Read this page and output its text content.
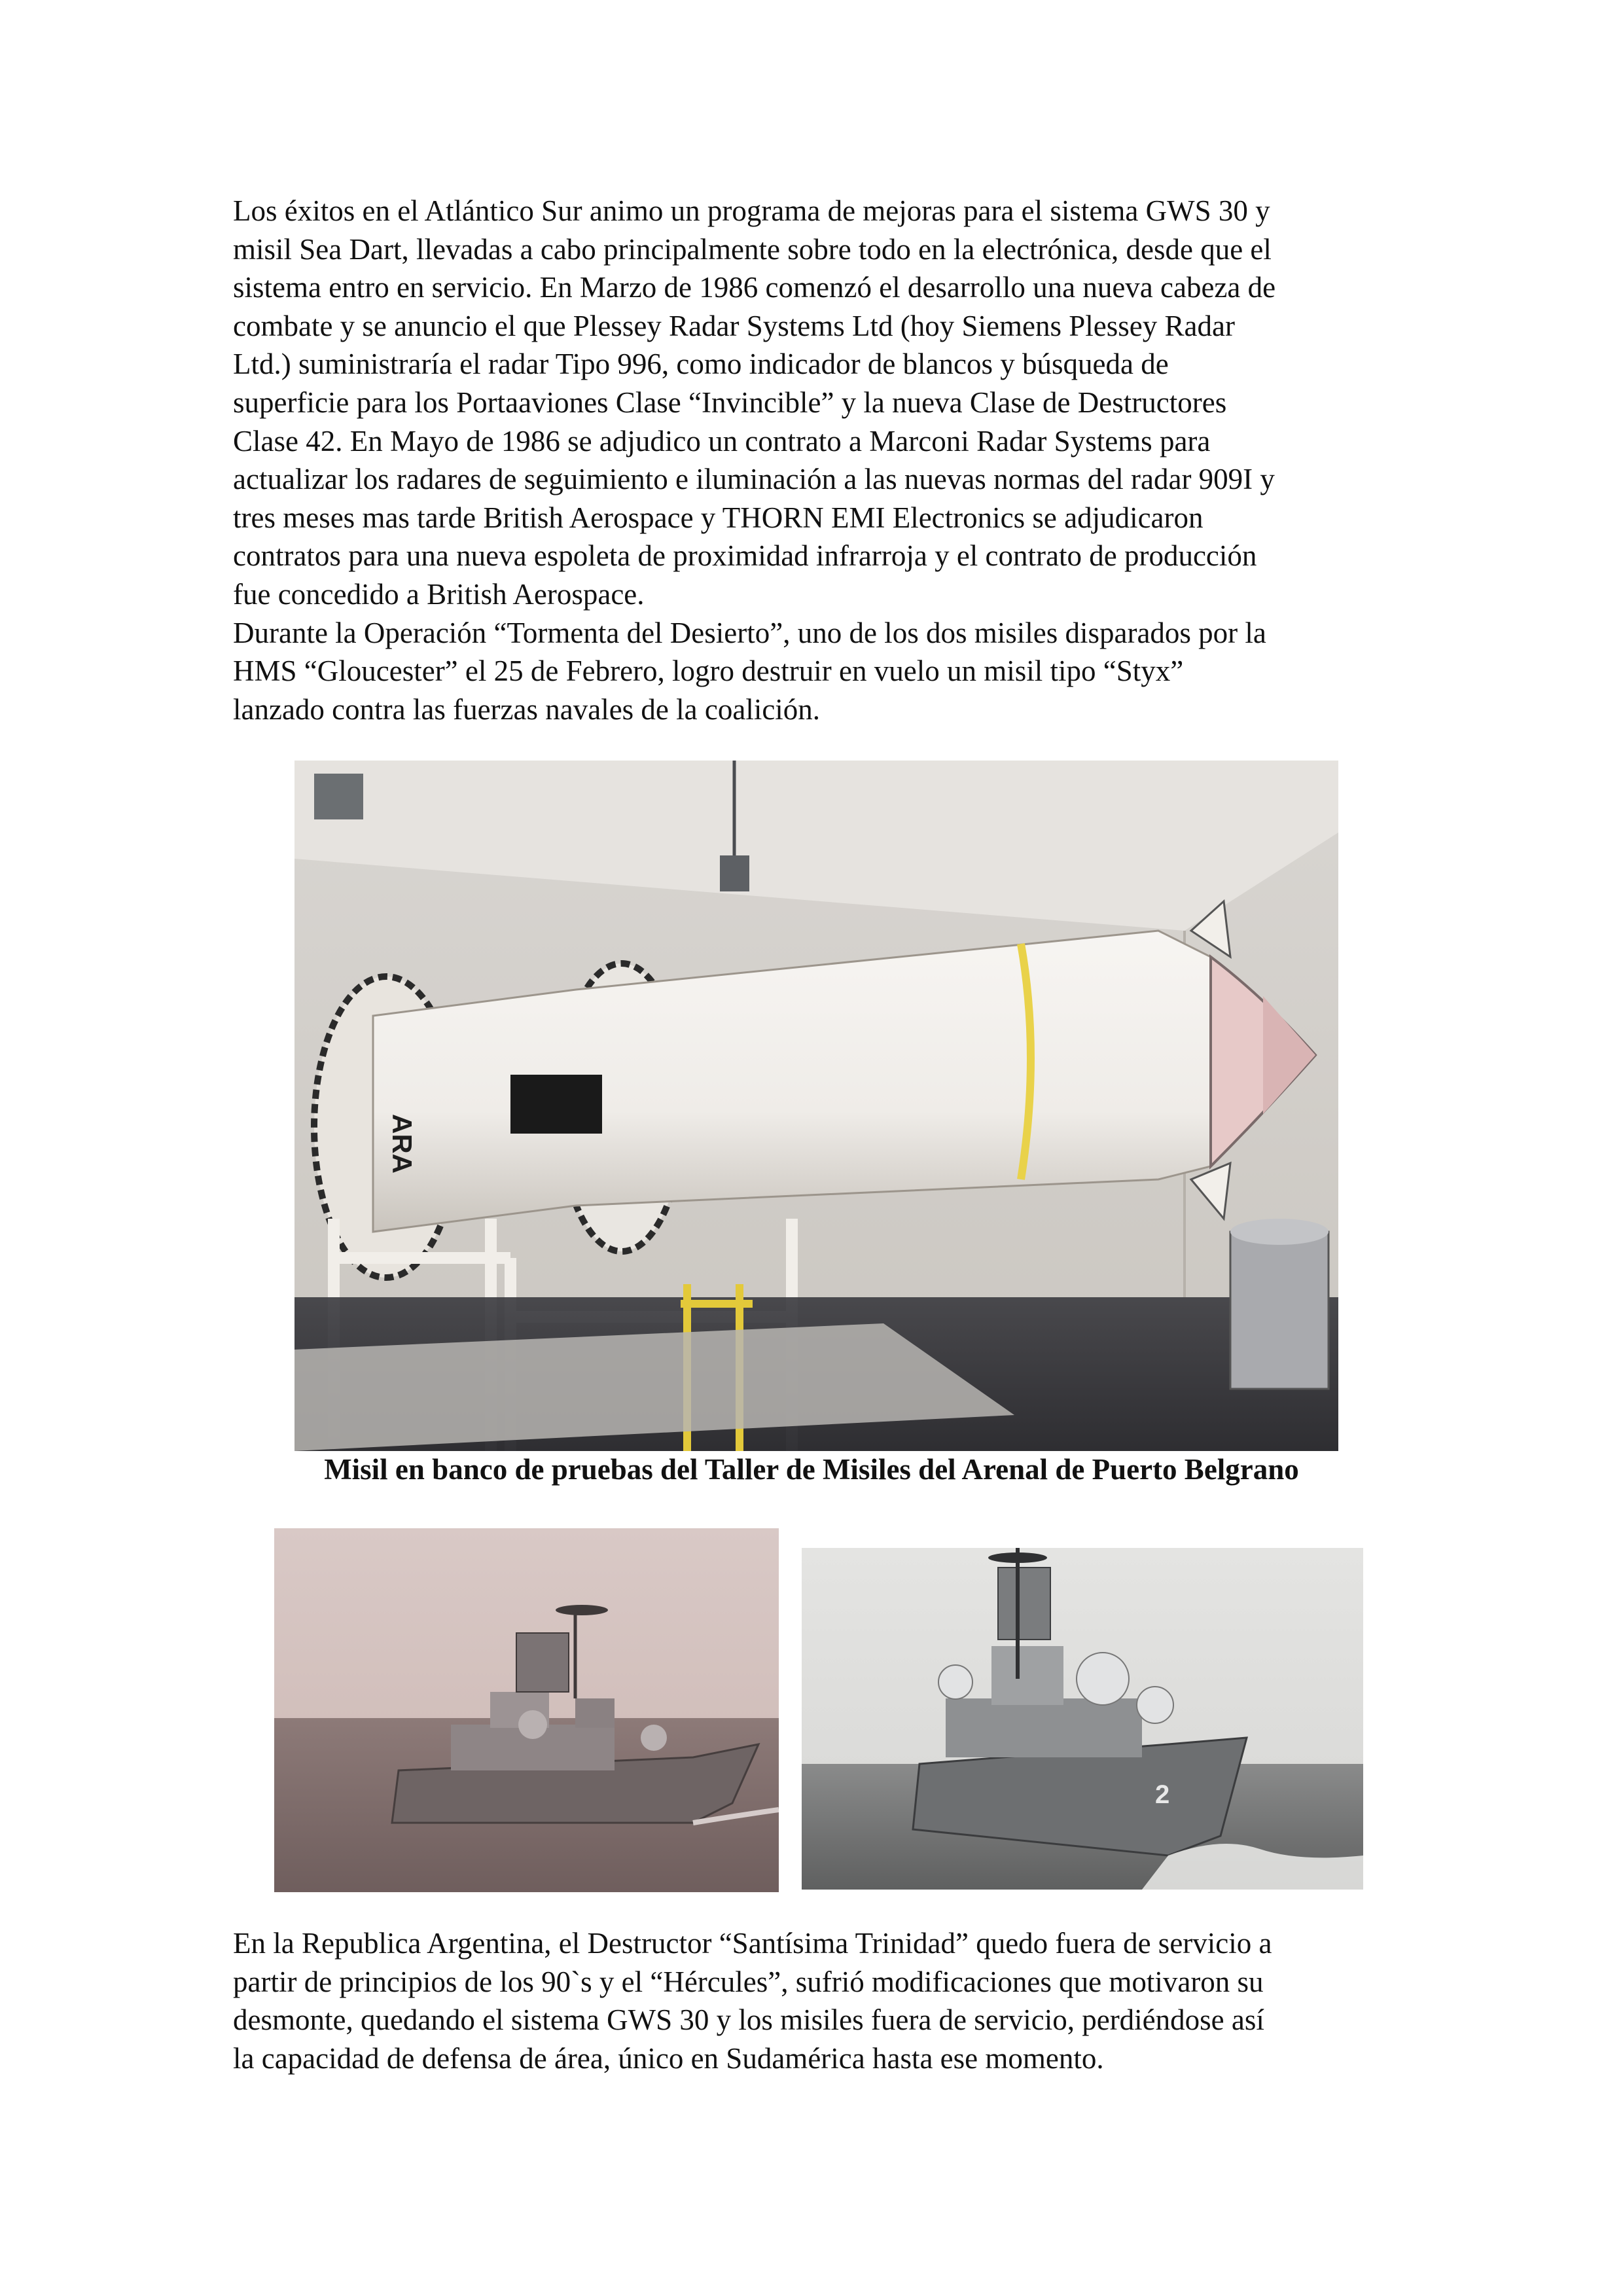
Los éxitos en el Atlántico Sur animo un programa de mejoras para el sistema GWS 30 y
misil Sea Dart, llevadas a cabo principalmente sobre todo en la electrónica, desde que el
sistema entro en servicio. En Marzo de 1986 comenzó el desarrollo una nueva cabeza de
combate y se anuncio el que Plessey Radar Systems Ltd (hoy Siemens Plessey Radar
Ltd.) suministraría el radar Tipo 996, como indicador de blancos y búsqueda de
superficie para los Portaaviones Clase “Invincible” y la nueva Clase de Destructores
Clase 42. En Mayo de 1986 se adjudico un contrato a Marconi Radar Systems para
actualizar los radares de seguimiento e iluminación a las nuevas normas del radar 909I y
tres meses mas tarde British Aerospace y THORN EMI Electronics se adjudicaron
contratos para una nueva espoleta de proximidad infrarroja y el contrato de producción
fue concedido a British Aerospace.
Durante la Operación “Tormenta del Desierto”, uno de los dos misiles disparados por la
HMS “Gloucester” el 25 de Febrero, logro destruir en vuelo un misil tipo “Styx”
lanzado contra las fuerzas navales de la coalición.
ARA

Misil en banco de pruebas del Taller de Misiles del Arenal de Puerto Belgrano

2
En la Republica Argentina, el Destructor “Santísima Trinidad” quedo fuera de servicio a
partir de principios de los 90`s y el “Hércules”, sufrió modificaciones que motivaron su
desmonte, quedando el sistema GWS 30 y los misiles fuera de servicio, perdiéndose así
la capacidad de defensa de área, único en Sudamérica hasta ese momento.
